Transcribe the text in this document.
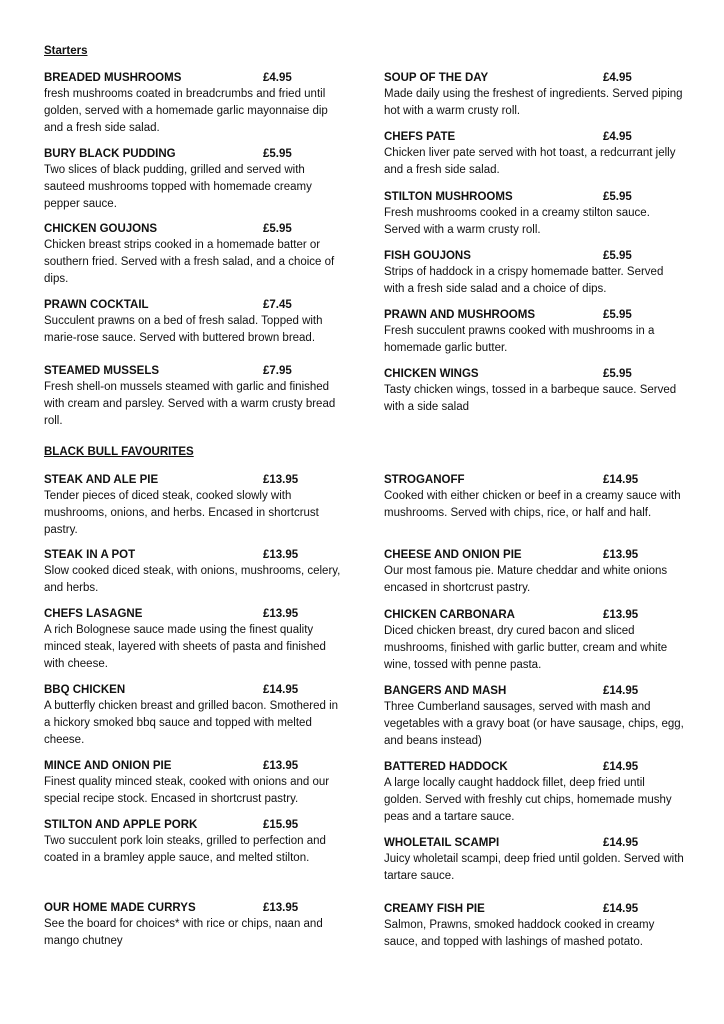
Starters
BREADED MUSHROOMS	£4.95
fresh mushrooms coated in breadcrumbs and fried until golden, served with a homemade garlic mayonnaise dip and a fresh side salad.
BURY BLACK PUDDING	£5.95
Two slices of black pudding, grilled and served with sauteed mushrooms topped with homemade creamy pepper sauce.
CHICKEN GOUJONS	£5.95
Chicken breast strips cooked in a homemade batter or southern fried. Served with a fresh salad, and a choice of dips.
PRAWN COCKTAIL	£7.45
Succulent prawns on a bed of fresh salad. Topped with marie-rose sauce. Served with buttered brown bread.
STEAMED MUSSELS	£7.95
Fresh shell-on mussels steamed with garlic and finished with cream and parsley. Served with a warm crusty bread roll.
SOUP OF THE DAY	£4.95
Made daily using the freshest of ingredients. Served piping hot with a warm crusty roll.
CHEFS PATE	£4.95
Chicken liver pate served with hot toast, a redcurrant jelly and a fresh side salad.
STILTON MUSHROOMS	£5.95
Fresh mushrooms cooked in a creamy stilton sauce. Served with a warm crusty roll.
FISH GOUJONS	£5.95
Strips of haddock in a crispy homemade batter. Served with a fresh side salad and a choice of dips.
PRAWN AND MUSHROOMS	£5.95
Fresh succulent prawns cooked with mushrooms in a homemade garlic butter.
CHICKEN WINGS	£5.95
Tasty chicken wings, tossed in a barbeque sauce. Served with a side salad
BLACK BULL FAVOURITES
STEAK AND ALE PIE	£13.95
Tender pieces of diced steak, cooked slowly with mushrooms, onions, and herbs. Encased in shortcrust pastry.
STEAK IN A POT	£13.95
Slow cooked diced steak, with onions, mushrooms, celery, and herbs.
CHEFS LASAGNE	£13.95
A rich Bolognese sauce made using the finest quality minced steak, layered with sheets of pasta and finished with cheese.
BBQ CHICKEN	£14.95
A butterfly chicken breast and grilled bacon. Smothered in a hickory smoked bbq sauce and topped with melted cheese.
MINCE AND ONION PIE	£13.95
Finest quality minced steak, cooked with onions and our special recipe stock. Encased in shortcrust pastry.
STILTON AND APPLE PORK	£15.95
Two succulent pork loin steaks, grilled to perfection and coated in a bramley apple sauce, and melted stilton.
OUR HOME MADE CURRYS	£13.95
See the board for choices* with rice or chips, naan and mango chutney
STROGANOFF	£14.95
Cooked with either chicken or beef in a creamy sauce with mushrooms. Served with chips, rice, or half and half.
CHEESE AND ONION PIE	£13.95
Our most famous pie. Mature cheddar and white onions encased in shortcrust pastry.
CHICKEN CARBONARA	£13.95
Diced chicken breast, dry cured bacon and sliced mushrooms, finished with garlic butter, cream and white wine, tossed with penne pasta.
BANGERS AND MASH	£14.95
Three Cumberland sausages, served with mash and vegetables with a gravy boat (or have sausage, chips, egg, and beans instead)
BATTERED HADDOCK	£14.95
A large locally caught haddock fillet, deep fried until golden. Served with freshly cut chips, homemade mushy peas and a tartare sauce.
WHOLETAIL SCAMPI	£14.95
Juicy wholetail scampi, deep fried until golden. Served with tartare sauce.
CREAMY FISH PIE	£14.95
Salmon, Prawns, smoked haddock cooked in creamy sauce, and topped with lashings of mashed potato.
